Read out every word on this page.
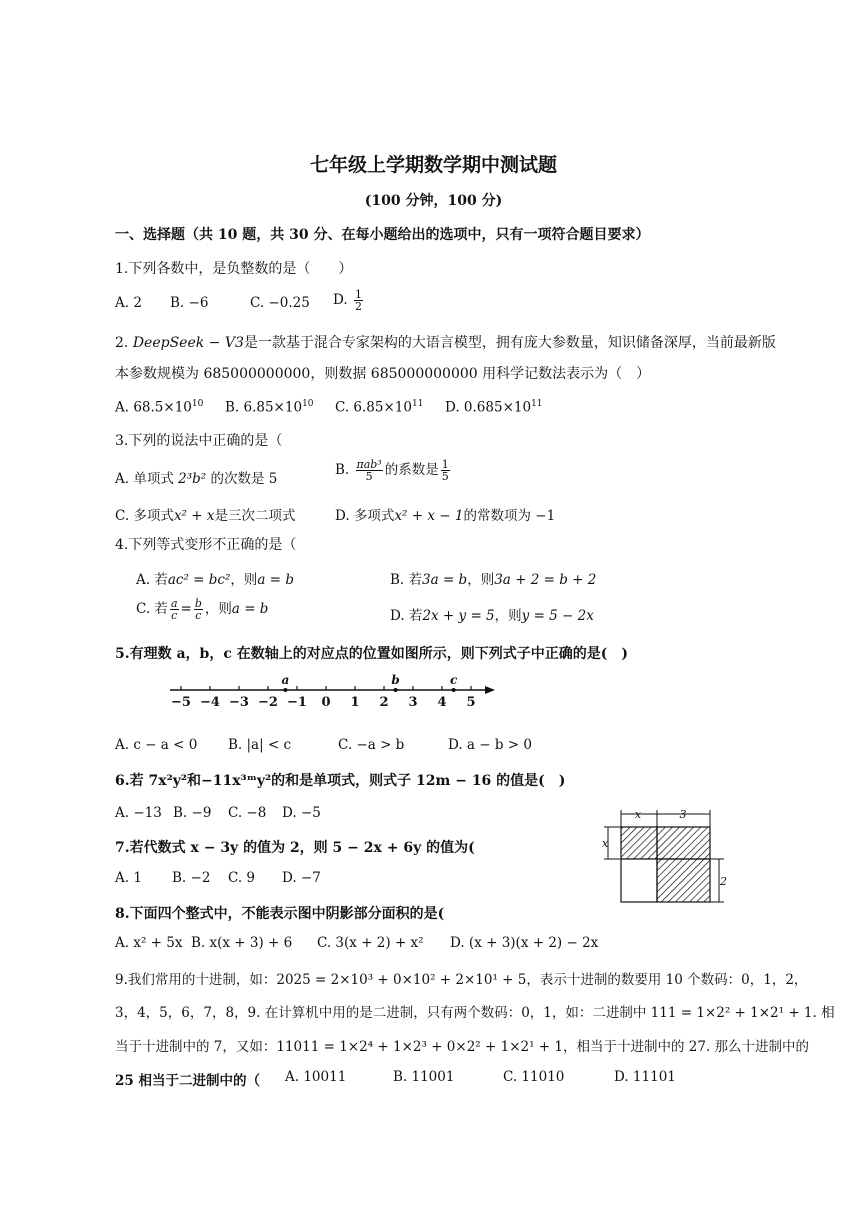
七年级上学期数学期中测试题
(100 分钟，100 分)
一、选择题（共 10 题，共 30 分、在每小题给出的选项中，只有一项符合题目要求）
1.下列各数中，是负整数的是（　　）
A. 2 B. −6	C. −0.25 D. $\frac{1}{2}$
2. DeepSeek − V3是一款基于混合专家架构的大语言模型，拥有庞大参数量，知识储备深厚，当前最新版
本参数规模为 685000000000，则数据 685000000000 用科学记数法表示为（　）
A. $68.5\times 10^{10}$ B. $6.85\times 10^{10}$ C. $6.85\times 10^{11}$ D. $0.685\times 10^{11}$
3.下列的说法中正确的是（
A. 单项式 2³b² 的次数是 5
B. $\frac{\text{πab³}}{5}$ 的系数是 $\frac{1}{5}$
C. 多项式x² + x是三次二项式	D. 多项式x² + x − 1的常数项为 −1
4.下列等式变形不正确的是（
A. 若ac² = bc²，则a = b	B. 若3a = b，则3a + 2 = b + 2
C. 若 $\frac{a}{c} = \frac{b}{c}$ ，则a = b	D. 若2x + y = 5，则y = 5 − 2x
5.有理数 a，b，c 在数轴上的对应点的位置如图所示，则下列式子中正确的是(　)
−5 −4 −3 −2 −1 0 1 2 3 4 5
a	b	c
A. c − a < 0 B. |a| < c	C. −a > b	D. a − b > 0
6.若 7x²y²和−11x³ᵐy²的和是单项式，则式子 12m − 16 的值是(　)
A. −13 B. −9 C. −8 D. −5
7.若代数式 x − 3y 的值为 2，则 5 − 2x + 6y 的值为(
A. 1 B. −2 C. 9 D. −7
x	3
x
2
8.下面四个整式中，不能表示图中阴影部分面积的是(
A. x² + 5x B. x(x + 3) + 6 C. 3(x + 2) + x² D. (x + 3)(x + 2) − 2x
9.我们常用的十进制，如：2025 = 2×10³ + 0×10² + 2×10¹ + 5，表示十进制的数要用 10 个数码：0，1，2，
3，4，5，6，7，8，9. 在计算机中用的是二进制，只有两个数码：0，1，如：二进制中 111 = 1×2² + 1×2¹ + 1. 相
当于十进制中的 7，又如：11011 = 1×2⁴ + 1×2³ + 0×2² + 1×2¹ + 1，相当于十进制中的 27. 那么十进制中的
25 相当于二进制中的（ A. 10011	B. 11001	C. 11010	D. 11101
